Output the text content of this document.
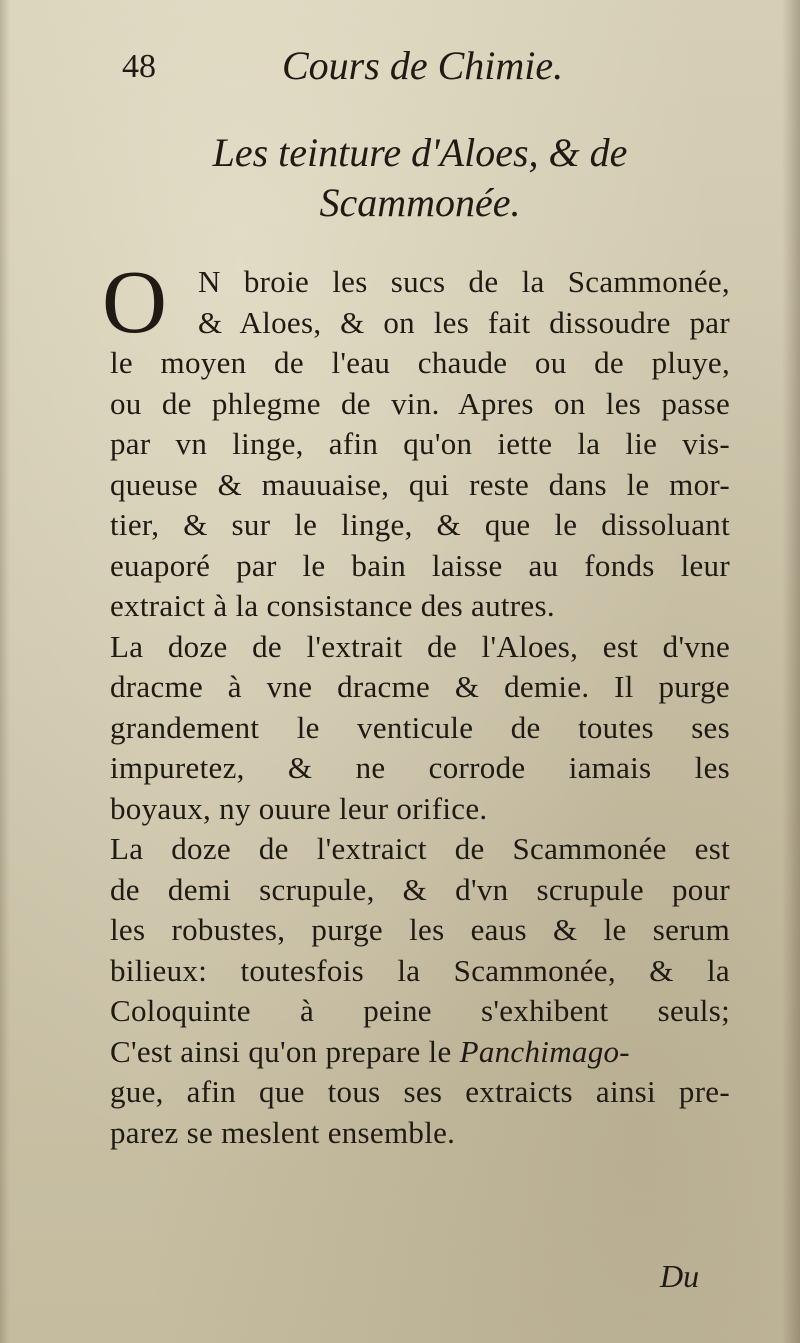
48	Cours de Chimie.
Les teinture d'Aloes, & de
Scammonée.
O N broie les sucs de la Scammonée,
& Aloes, & on les fait dissoudre par
le moyen de l'eau chaude ou de pluye,
ou de phlegme de vin. Apres on les passe
par vn linge, afin qu'on iette la lie vis-
queuse & mauuaise, qui reste dans le mor-
tier, & sur le linge, & que le dissoluant
euaporé par le bain laisse au fonds leur
extraict à la consistance des autres.
La doze de l'extrait de l'Aloes, est d'vne
dracme à vne dracme & demie. Il purge
grandement le venticule de toutes ses
impuretez, & ne corrode iamais les
boyaux, ny ouure leur orifice.
La doze de l'extraict de Scammonée est
de demi scrupule, & d'vn scrupule pour
les robustes, purge les eaus & le serum
bilieux: toutesfois la Scammonée, & la
Coloquinte à peine s'exhibent seuls;
C'est ainsi qu'on prepare le Panchimago-
gue, afin que tous ses extraicts ainsi pre-
parez se meslent ensemble.
Du
